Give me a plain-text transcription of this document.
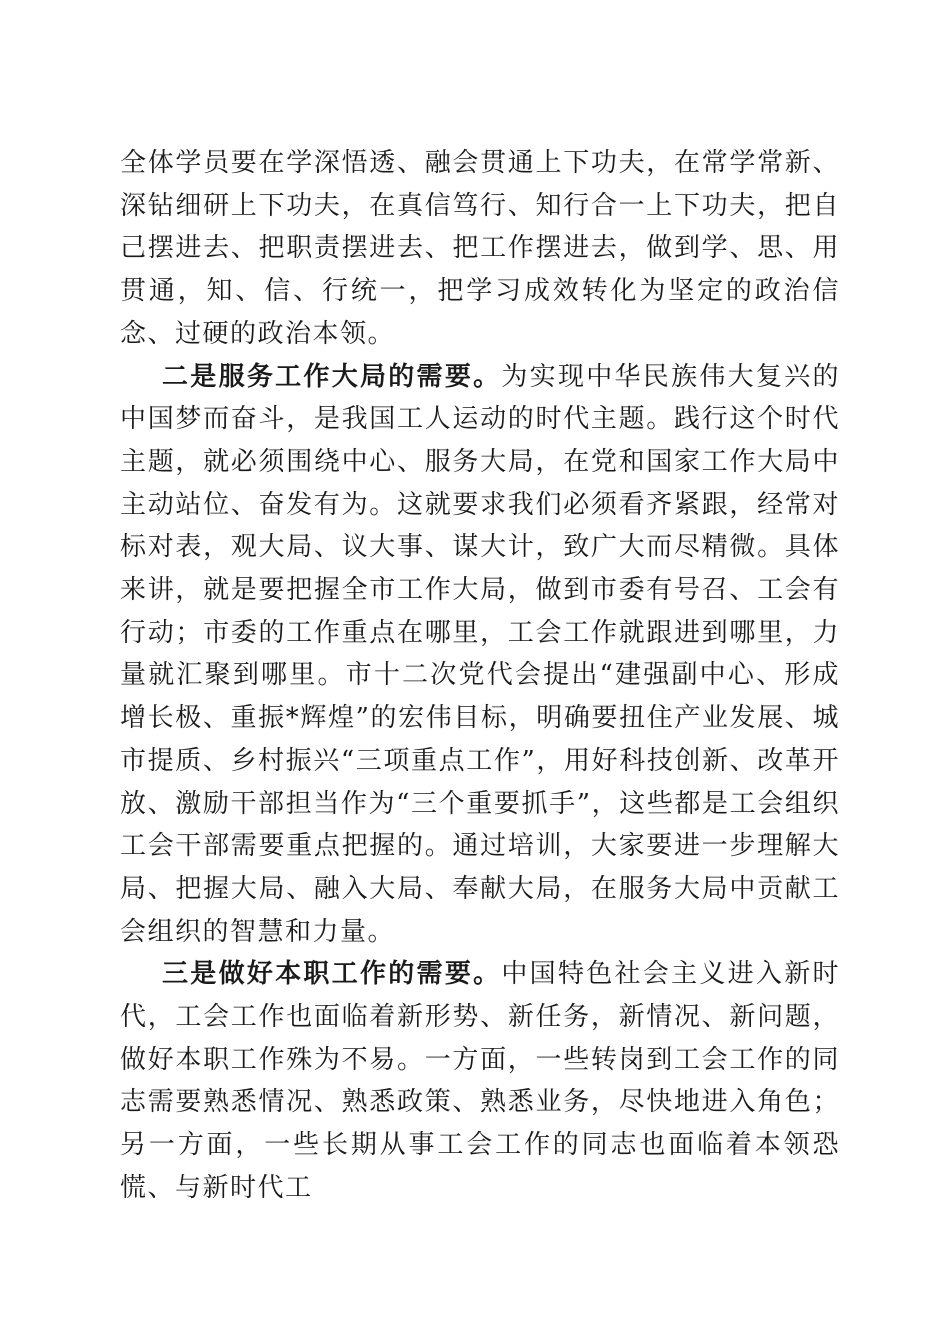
全体学员要在学深悟透、融会贯通上下功夫，在常学常新、深钻细研上下功夫，在真信笃行、知行合一上下功夫，把自己摆进去、把职责摆进去、把工作摆进去，做到学、思、用贯通，知、信、行统一，把学习成效转化为坚定的政治信念、过硬的政治本领。

二是服务工作大局的需要。为实现中华民族伟大复兴的中国梦而奋斗，是我国工人运动的时代主题。践行这个时代主题，就必须围绕中心、服务大局，在党和国家工作大局中主动站位、奋发有为。这就要求我们必须看齐紧跟，经常对标对表，观大局、议大事、谋大计，致广大而尽精微。具体来讲，就是要把握全市工作大局，做到市委有号召、工会有行动；市委的工作重点在哪里，工会工作就跟进到哪里，力量就汇聚到哪里。市十二次党代会提出“建强副中心、形成增长极、重振*辉煌”的宏伟目标，明确要扭住产业发展、城市提质、乡村振兴“三项重点工作”，用好科技创新、改革开放、激励干部担当作为“三个重要抓手”，这些都是工会组织工会干部需要重点把握的。通过培训，大家要进一步理解大局、把握大局、融入大局、奉献大局，在服务大局中贡献工会组织的智慧和力量。

三是做好本职工作的需要。中国特色社会主义进入新时代，工会工作也面临着新形势、新任务，新情况、新问题，做好本职工作殊为不易。一方面，一些转岗到工会工作的同志需要熟悉情况、熟悉政策、熟悉业务，尽快地进入角色；另一方面，一些长期从事工会工作的同志也面临着本领恐慌、与新时代工
